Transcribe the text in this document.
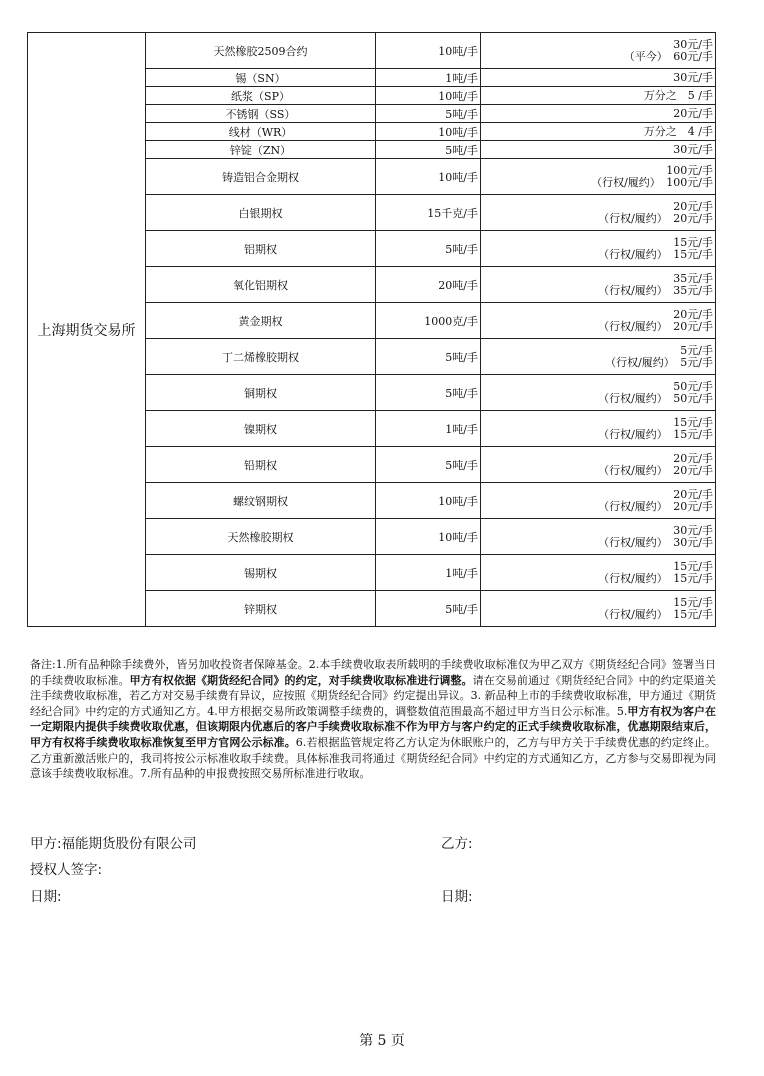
上海期货交易所	天然橡胶2509合约	10吨/手	30元/手
（平今）　60元/手

	锡（SN）	1吨/手	30元/手

	纸浆（SP）	10吨/手	万分之　5 /手

	不锈钢（SS）	5吨/手	20元/手

	线材（WR）	10吨/手	万分之　4 /手

	锌锭（ZN）	5吨/手	30元/手

	铸造铝合金期权	10吨/手	100元/手
（行权/履约）　100元/手

	白银期权	15千克/手	20元/手
（行权/履约）　20元/手

	铝期权	5吨/手	15元/手
（行权/履约）　15元/手

	氧化铝期权	20吨/手	35元/手
（行权/履约）　35元/手

	黄金期权	1000克/手	20元/手
（行权/履约）　20元/手

	丁二烯橡胶期权	5吨/手	5元/手
（行权/履约）　5元/手

	铜期权	5吨/手	50元/手
（行权/履约）　50元/手

	镍期权	1吨/手	15元/手
（行权/履约）　15元/手

	铅期权	5吨/手	20元/手
（行权/履约）　20元/手

	螺纹钢期权	10吨/手	20元/手
（行权/履约）　20元/手

	天然橡胶期权	10吨/手	30元/手
（行权/履约）　30元/手

	锡期权	1吨/手	15元/手
（行权/履约）　15元/手

	锌期权	5吨/手	15元/手
（行权/履约）　15元/手
备注:1.所有品种除手续费外，皆另加收投资者保障基金。2.本手续费收取表所载明的手续费收取标准仅为甲乙双方《期货经纪合同》签署当日的手续费收取标准。甲方有权依据《期货经纪合同》的约定，对手续费收取标准进行调整。请在交易前通过《期货经纪合同》中的约定渠道关注手续费收取标准，若乙方对交易手续费有异议，应按照《期货经纪合同》约定提出异议。3. 新品种上市的手续费收取标准，甲方通过《期货经纪合同》中约定的方式通知乙方。4.甲方根据交易所政策调整手续费的，调整数值范围最高不超过甲方当日公示标准。5.甲方有权为客户在一定期限内提供手续费收取优惠，但该期限内优惠后的客户手续费收取标准不作为甲方与客户约定的正式手续费收取标准，优惠期限结束后，甲方有权将手续费收取标准恢复至甲方官网公示标准。6.若根据监管规定将乙方认定为休眠账户的，乙方与甲方关于手续费优惠的约定终止。乙方重新激活账户的，我司将按公示标准收取手续费。具体标准我司将通过《期货经纪合同》中约定的方式通知乙方，乙方参与交易即视为同意该手续费收取标准。7.所有品种的申报费按照交易所标准进行收取。
甲方:福能期货股份有限公司	乙方:
授权人签字:
日期:	日期:
第 5 页
